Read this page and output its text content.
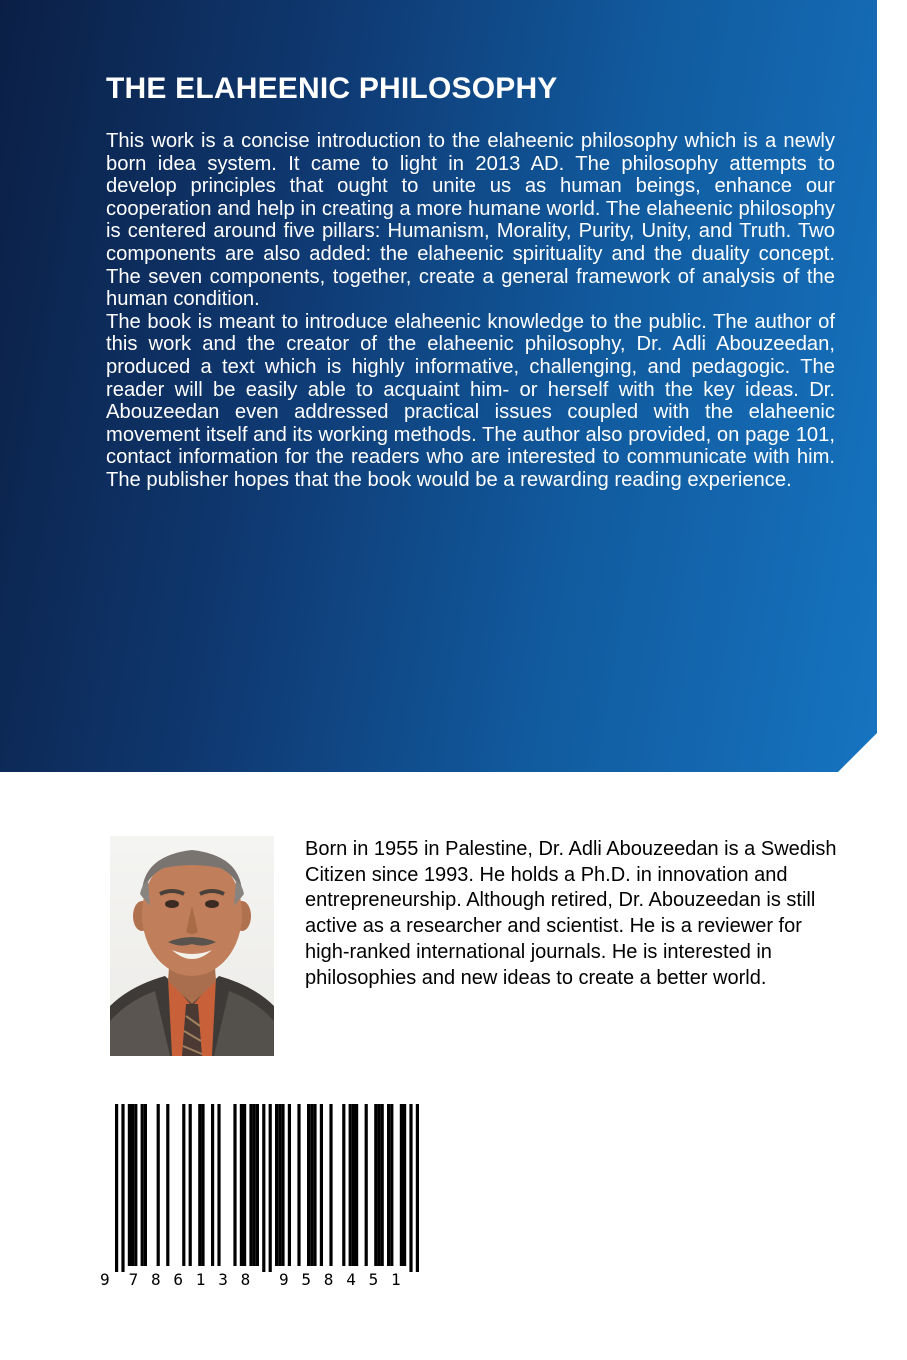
THE ELAHEENIC PHILOSOPHY

This work is a concise introduction to the elaheenic philosophy which is a newly born idea system. It came to light in 2013 AD. The philosophy attempts to develop principles that ought to unite us as human beings, enhance our cooperation and help in creating a more humane world. The elaheenic philosophy is centered around five pillars: Humanism, Morality, Purity, Unity, and Truth. Two components are also added: the elaheenic spirituality and the duality concept. The seven components, together, create a general framework of analysis of the human condition.

The book is meant to introduce elaheenic knowledge to the public. The author of this work and the creator of the elaheenic philosophy, Dr. Adli Abouzeedan, produced a text which is highly informative, challenging, and pedagogic. The reader will be easily able to acquaint him- or herself with the key ideas. Dr. Abouzeedan even addressed practical issues coupled with the elaheenic movement itself and its working methods. The author also provided, on page 101, contact information for the readers who are interested to communicate with him. The publisher hopes that the book would be a rewarding reading experience.

Born in 1955 in Palestine, Dr. Adli Abouzeedan is a Swedish Citizen since 1993. He holds a Ph.D. in innovation and entrepreneurship. Although retired, Dr. Abouzeedan is still active as a researcher and scientist. He is a reviewer for high-ranked international journals. He is interested in philosophies and new ideas to create a better world.

9 7 8 6 1 3 8 9 5 8 4 5 1
